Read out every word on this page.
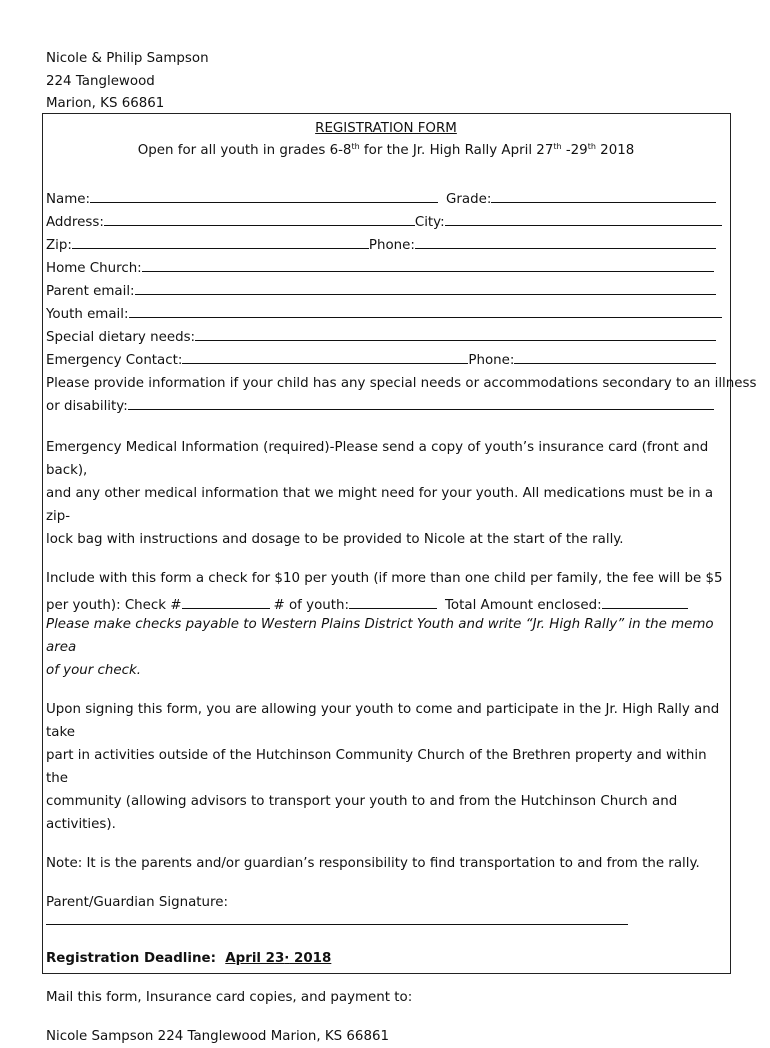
Nicole & Philip Sampson
224 Tanglewood
Marion, KS 66861
REGISTRATION FORM
Open for all youth in grades 6-8th for the Jr. High Rally April 27th -29th 2018
Name:	Grade:
Address:	City:
Zip:	Phone:
Home Church:
Parent email:
Youth email:
Special dietary needs:
Emergency Contact:	Phone:
Please provide information if your child has any special needs or accommodations secondary to an illness
or disability:

Emergency Medical Information (required)-Please send a copy of youth’s insurance card (front and back),
and any other medical information that we might need for your youth. All medications must be in a zip-
lock bag with instructions and dosage to be provided to Nicole at the start of the rally.

Include with this form a check for $10 per youth (if more than one child per family, the fee will be $5
per youth): Check #	# of youth:	Total Amount enclosed:

Please make checks payable to Western Plains District Youth and write “Jr. High Rally” in the memo area
of your check.

Upon signing this form, you are allowing your youth to come and participate in the Jr. High Rally and take
part in activities outside of the Hutchinson Community Church of the Brethren property and within the
community (allowing advisors to transport your youth to and from the Hutchinson Church and activities).

Note: It is the parents and/or guardian’s responsibility to find transportation to and from the rally.
Parent/Guardian Signature:
Registration Deadline: April 23· 2018
Mail this form, Insurance card copies, and payment to:
Nicole Sampson 224 Tanglewood Marion, KS 66861
